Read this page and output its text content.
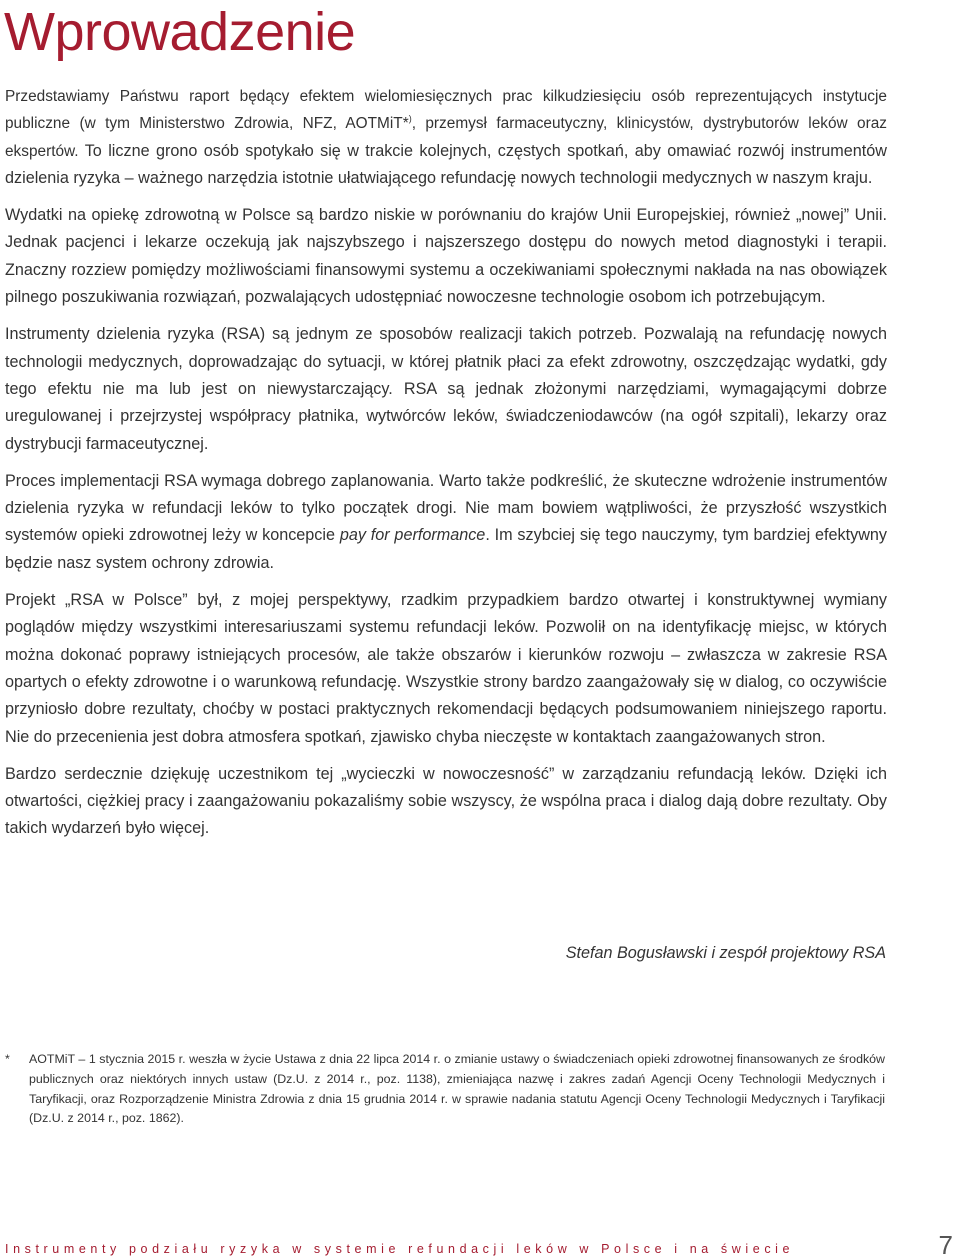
Wprowadzenie

Przedstawiamy Państwu raport będący efektem wielomiesięcznych prac kilkudziesięciu osób reprezentujących instytucje publiczne (w tym Ministerstwo Zdrowia, NFZ, AOTMiT*), przemysł farmaceutyczny, klinicystów, dystrybutorów leków oraz ekspertów. To liczne grono osób spotykało się w trakcie kolejnych, częstych spotkań, aby omawiać rozwój instrumentów dzielenia ryzyka – ważnego narzędzia istotnie ułatwiającego refundację nowych technologii medycznych w naszym kraju.

Wydatki na opiekę zdrowotną w Polsce są bardzo niskie w porównaniu do krajów Unii Europejskiej, również „nowej” Unii. Jednak pacjenci i lekarze oczekują jak najszybszego i najszerszego dostępu do nowych metod diagnostyki i terapii. Znaczny rozziew pomiędzy możliwościami finansowymi systemu a oczekiwaniami społecznymi nakłada na nas obowiązek pilnego poszukiwania rozwiązań, pozwalających udostępniać nowoczesne technologie osobom ich potrzebującym.

Instrumenty dzielenia ryzyka (RSA) są jednym ze sposobów realizacji takich potrzeb. Pozwalają na refundację nowych technologii medycznych, doprowadzając do sytuacji, w której płatnik płaci za efekt zdrowotny, oszczędzając wydatki, gdy tego efektu nie ma lub jest on niewystarczający. RSA są jednak złożonymi narzędziami, wymagającymi dobrze uregulowanej i przejrzystej współpracy płatnika, wytwórców leków, świadczeniodawców (na ogół szpitali), lekarzy oraz dystrybucji farmaceutycznej.

Proces implementacji RSA wymaga dobrego zaplanowania. Warto także podkreślić, że skuteczne wdrożenie instrumentów dzielenia ryzyka w refundacji leków to tylko początek drogi. Nie mam bowiem wątpliwości, że przyszłość wszystkich systemów opieki zdrowotnej leży w koncepcie pay for performance. Im szybciej się tego nauczymy, tym bardziej efektywny będzie nasz system ochrony zdrowia.

Projekt „RSA w Polsce” był, z mojej perspektywy, rzadkim przypadkiem bardzo otwartej i konstruktywnej wymiany poglądów między wszystkimi interesariuszami systemu refundacji leków. Pozwolił on na identyfikację miejsc, w których można dokonać poprawy istniejących procesów, ale także obszarów i kierunków rozwoju – zwłaszcza w zakresie RSA opartych o efekty zdrowotne i o warunkową refundację. Wszystkie strony bardzo zaangażowały się w dialog, co oczywiście przyniosło dobre rezultaty, choćby w postaci praktycznych rekomendacji będących podsumowaniem niniejszego raportu. Nie do przecenienia jest dobra atmosfera spotkań, zjawisko chyba nieczęste w kontaktach zaangażowanych stron.

Bardzo serdecznie dziękuję uczestnikom tej „wycieczki w nowoczesność” w zarządzaniu refundacją leków. Dzięki ich otwartości, ciężkiej pracy i zaangażowaniu pokazaliśmy sobie wszyscy, że wspólna praca i dialog dają dobre rezultaty. Oby takich wydarzeń było więcej.

Stefan Bogusławski i zespół projektowy RSA

* AOTMiT – 1 stycznia 2015 r. weszła w życie Ustawa z dnia 22 lipca 2014 r. o zmianie ustawy o świadczeniach opieki zdrowotnej finansowanych ze środków publicznych oraz niektórych innych ustaw (Dz.U. z 2014 r., poz. 1138), zmieniająca nazwę i zakres zadań Agencji Oceny Technologii Medycznych i Taryfikacji, oraz Rozporządzenie Ministra Zdrowia z dnia 15 grudnia 2014 r. w sprawie nadania statutu Agencji Oceny Technologii Medycznych i Taryfikacji (Dz.U. z 2014 r., poz. 1862).

Instrumenty podziału ryzyka w systemie refundacji leków w Polsce i na świecie	7
